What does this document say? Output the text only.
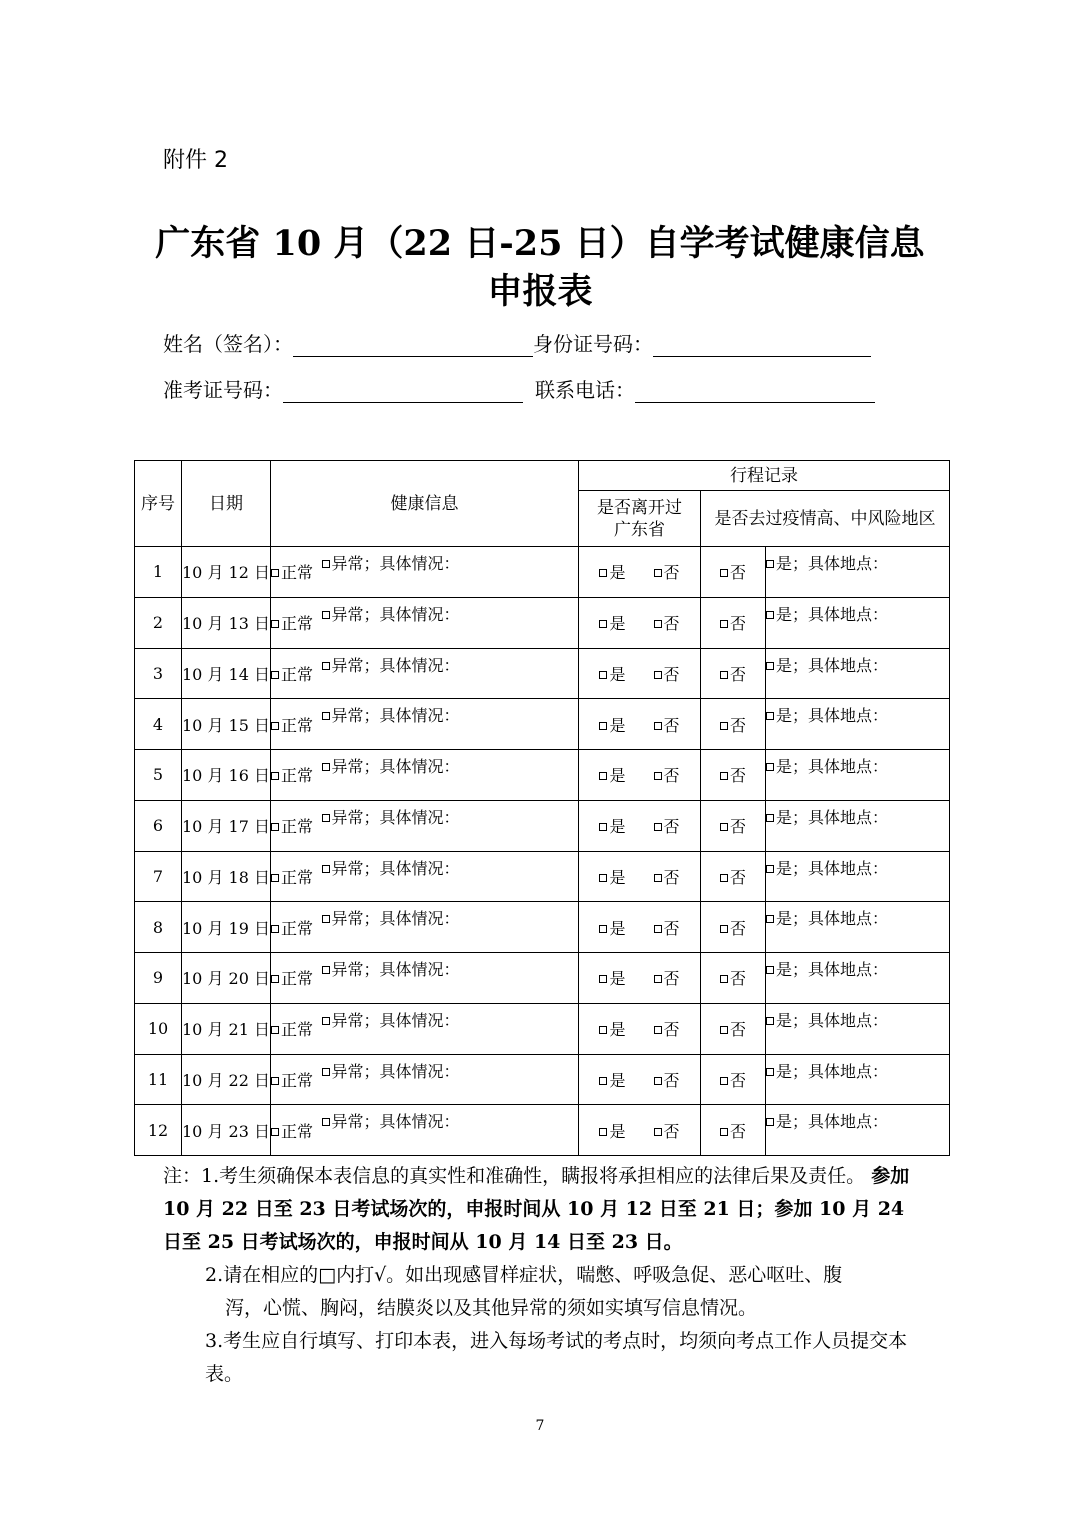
附件 2
广东省 10 月（22 日-25 日）自学考试健康信息
申报表
姓名（签名）：	身份证号码：
准考证号码：	联系电话：
序号	日期	健康信息		行程记录		
				是否离开过广东省	是否去过疫情高、中风险地区	
1	10 月 12 日	正常	异常；具体情况：	是 否	否	是；具体地点：
2	10 月 13 日	正常	异常；具体情况：	是 否	否	是；具体地点：
3	10 月 14 日	正常	异常；具体情况：	是 否	否	是；具体地点：
4	10 月 15 日	正常	异常；具体情况：	是 否	否	是；具体地点：
5	10 月 16 日	正常	异常；具体情况：	是 否	否	是；具体地点：
6	10 月 17 日	正常	异常；具体情况：	是 否	否	是；具体地点：
7	10 月 18 日	正常	异常；具体情况：	是 否	否	是；具体地点：
8	10 月 19 日	正常	异常；具体情况：	是 否	否	是；具体地点：
9	10 月 20 日	正常	异常；具体情况：	是 否	否	是；具体地点：
10	10 月 21 日	正常	异常；具体情况：	是 否	否	是；具体地点：
11	10 月 22 日	正常	异常；具体情况：	是 否	否	是；具体地点：
12	10 月 23 日	正常	异常；具体情况：	是 否	否	是；具体地点：

注：1.考生须确保本表信息的真实性和准确性，瞒报将承担相应的法律后果及责任。 参加 10 月 22 日至 23 日考试场次的，申报时间从 10 月 12 日至 21 日；参加 10 月 24 日至 25 日考试场次的，申报时间从 10 月 14 日至 23 日。

2.请在相应的□内打√。如出现感冒样症状，喘憋、呼吸急促、恶心呕吐、腹

泻，心慌、胸闷，结膜炎以及其他异常的须如实填写信息情况。

3.考生应自行填写、打印本表，进入每场考试的考点时，均须向考点工作人员提交本表。

7
